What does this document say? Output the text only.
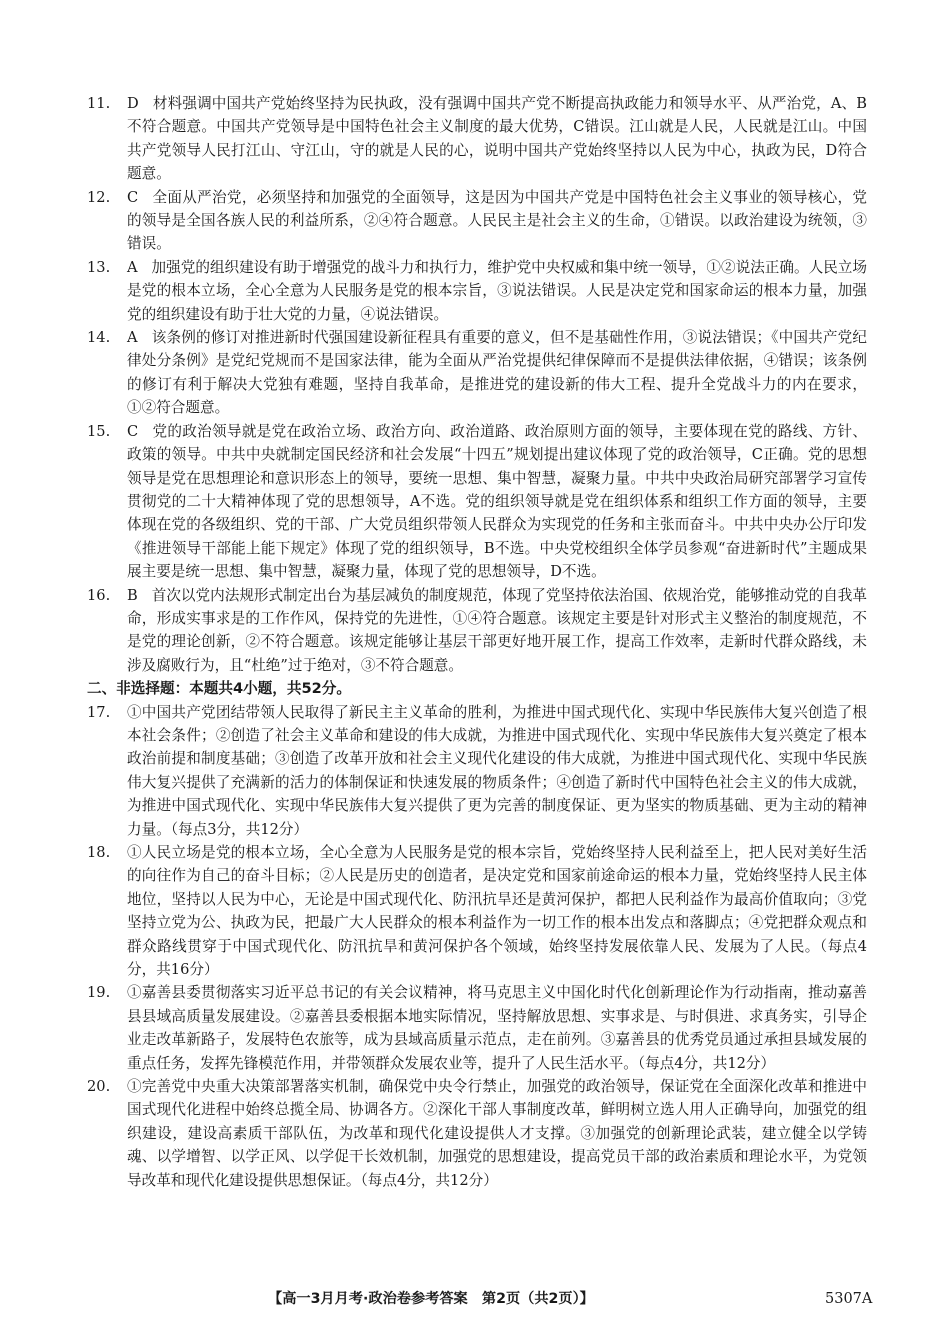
11.	D 材料强调中国共产党始终坚持为民执政，没有强调中国共产党不断提高执政能力和领导水平、从严治党，A、B不符合题意。中国共产党领导是中国特色社会主义制度的最大优势，C错误。江山就是人民，人民就是江山。中国共产党领导人民打江山、守江山，守的就是人民的心，说明中国共产党始终坚持以人民为中心，执政为民，D符合题意。
12.	C 全面从严治党，必须坚持和加强党的全面领导，这是因为中国共产党是中国特色社会主义事业的领导核心，党的领导是全国各族人民的利益所系，②④符合题意。人民民主是社会主义的生命，①错误。以政治建设为统领，③错误。
13.	A 加强党的组织建设有助于增强党的战斗力和执行力，维护党中央权威和集中统一领导，①②说法正确。人民立场是党的根本立场，全心全意为人民服务是党的根本宗旨，③说法错误。人民是决定党和国家命运的根本力量，加强党的组织建设有助于壮大党的力量，④说法错误。
14.	A 该条例的修订对推进新时代强国建设新征程具有重要的意义，但不是基础性作用，③说法错误；《中国共产党纪律处分条例》是党纪党规而不是国家法律，能为全面从严治党提供纪律保障而不是提供法律依据，④错误；该条例的修订有利于解决大党独有难题，坚持自我革命，是推进党的建设新的伟大工程、提升全党战斗力的内在要求，①②符合题意。
15.	C 党的政治领导就是党在政治立场、政治方向、政治道路、政治原则方面的领导，主要体现在党的路线、方针、政策的领导。中共中央就制定国民经济和社会发展“十四五”规划提出建议体现了党的政治领导，C正确。党的思想领导是党在思想理论和意识形态上的领导，要统一思想、集中智慧，凝聚力量。中共中央政治局研究部署学习宣传贯彻党的二十大精神体现了党的思想领导，A不选。党的组织领导就是党在组织体系和组织工作方面的领导，主要体现在党的各级组织、党的干部、广大党员组织带领人民群众为实现党的任务和主张而奋斗。中共中央办公厅印发《推进领导干部能上能下规定》体现了党的组织领导，B不选。中央党校组织全体学员参观“奋进新时代”主题成果展主要是统一思想、集中智慧，凝聚力量，体现了党的思想领导，D不选。
16.	B 首次以党内法规形式制定出台为基层减负的制度规范，体现了党坚持依法治国、依规治党，能够推动党的自我革命，形成实事求是的工作作风，保持党的先进性，①④符合题意。该规定主要是针对形式主义整治的制度规范，不是党的理论创新，②不符合题意。该规定能够让基层干部更好地开展工作，提高工作效率，走新时代群众路线，未涉及腐败行为，且“杜绝”过于绝对，③不符合题意。
二、非选择题：本题共4小题，共52分。
17.	①中国共产党团结带领人民取得了新民主主义革命的胜利，为推进中国式现代化、实现中华民族伟大复兴创造了根本社会条件；②创造了社会主义革命和建设的伟大成就，为推进中国式现代化、实现中华民族伟大复兴奠定了根本政治前提和制度基础；③创造了改革开放和社会主义现代化建设的伟大成就，为推进中国式现代化、实现中华民族伟大复兴提供了充满新的活力的体制保证和快速发展的物质条件；④创造了新时代中国特色社会主义的伟大成就，为推进中国式现代化、实现中华民族伟大复兴提供了更为完善的制度保证、更为坚实的物质基础、更为主动的精神力量。（每点3分，共12分）
18.	①人民立场是党的根本立场，全心全意为人民服务是党的根本宗旨，党始终坚持人民利益至上，把人民对美好生活的向往作为自己的奋斗目标；②人民是历史的创造者，是决定党和国家前途命运的根本力量，党始终坚持人民主体地位，坚持以人民为中心，无论是中国式现代化、防汛抗旱还是黄河保护，都把人民利益作为最高价值取向；③党坚持立党为公、执政为民，把最广大人民群众的根本利益作为一切工作的根本出发点和落脚点；④党把群众观点和群众路线贯穿于中国式现代化、防汛抗旱和黄河保护各个领域，始终坚持发展依靠人民、发展为了人民。（每点4分，共16分）
19.	①嘉善县委贯彻落实习近平总书记的有关会议精神，将马克思主义中国化时代化创新理论作为行动指南，推动嘉善县县域高质量发展建设。②嘉善县委根据本地实际情况，坚持解放思想、实事求是、与时俱进、求真务实，引导企业走改革新路子，发展特色农旅等，成为县域高质量示范点，走在前列。③嘉善县的优秀党员通过承担县域发展的重点任务，发挥先锋模范作用，并带领群众发展农业等，提升了人民生活水平。（每点4分，共12分）
20.	①完善党中央重大决策部署落实机制，确保党中央令行禁止，加强党的政治领导，保证党在全面深化改革和推进中国式现代化进程中始终总揽全局、协调各方。②深化干部人事制度改革，鲜明树立选人用人正确导向，加强党的组织建设，建设高素质干部队伍，为改革和现代化建设提供人才支撑。③加强党的创新理论武装，建立健全以学铸魂、以学增智、以学正风、以学促干长效机制，加强党的思想建设，提高党员干部的政治素质和理论水平，为党领导改革和现代化建设提供思想保证。（每点4分，共12分）
【高一3月月考·政治卷参考答案　第2页（共2页）】	5307A
